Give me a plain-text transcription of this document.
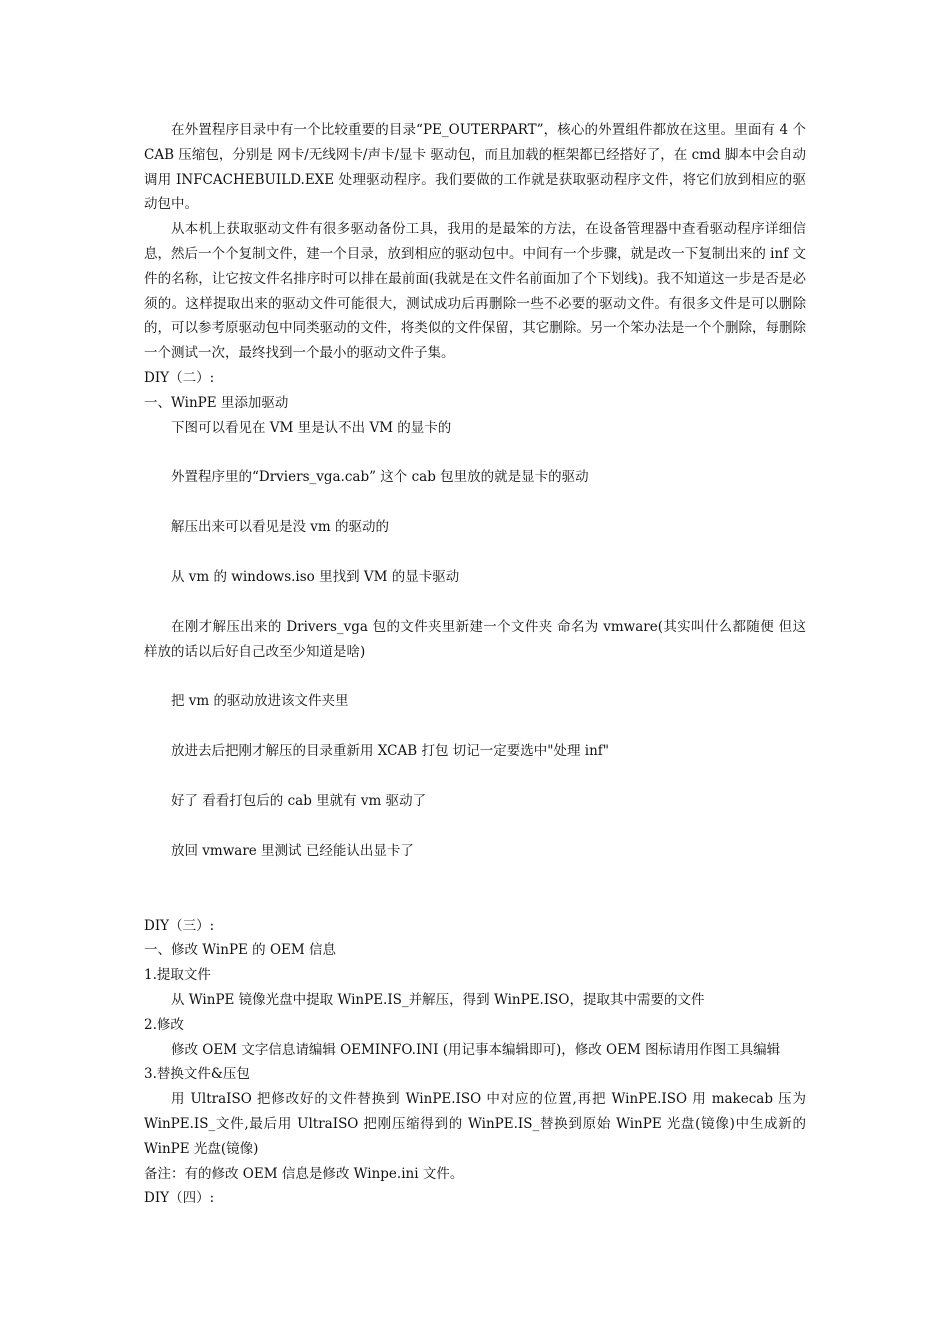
在外置程序目录中有一个比较重要的目录“PE_OUTERPART”，核心的外置组件都放在这里。里面有 4 个 CAB 压缩包，分别是 网卡/无线网卡/声卡/显卡 驱动包，而且加载的框架都已经搭好了，在 cmd 脚本中会自动调用 INFCACHEBUILD.EXE 处理驱动程序。我们要做的工作就是获取驱动程序文件，将它们放到相应的驱动包中。

从本机上获取驱动文件有很多驱动备份工具，我用的是最笨的方法，在设备管理器中查看驱动程序详细信息，然后一个个复制文件，建一个目录，放到相应的驱动包中。中间有一个步骤，就是改一下复制出来的 inf 文件的名称，让它按文件名排序时可以排在最前面(我就是在文件名前面加了个下划线)。我不知道这一步是否是必须的。这样提取出来的驱动文件可能很大，测试成功后再删除一些不必要的驱动文件。有很多文件是可以删除的，可以参考原驱动包中同类驱动的文件，将类似的文件保留，其它删除。另一个笨办法是一个个删除，每删除一个测试一次，最终找到一个最小的驱动文件子集。

DIY（二）:

一、WinPE 里添加驱动

下图可以看见在 VM 里是认不出 VM 的显卡的

外置程序里的“Drviers_vga.cab” 这个 cab 包里放的就是显卡的驱动

解压出来可以看见是没 vm 的驱动的

从 vm 的 windows.iso 里找到 VM 的显卡驱动

在刚才解压出来的 Drivers_vga 包的文件夹里新建一个文件夹 命名为 vmware(其实叫什么都随便 但这样放的话以后好自己改至少知道是啥)

把 vm 的驱动放进该文件夹里

放进去后把刚才解压的目录重新用 XCAB 打包 切记一定要选中"处理 inf"

好了 看看打包后的 cab 里就有 vm 驱动了

放回 vmware 里测试 已经能认出显卡了

DIY（三）:

一、修改 WinPE 的 OEM 信息

1.提取文件

从 WinPE 镜像光盘中提取 WinPE.IS_并解压，得到 WinPE.ISO，提取其中需要的文件

2.修改

修改 OEM 文字信息请编辑 OEMINFO.INI (用记事本编辑即可)，修改 OEM 图标请用作图工具编辑

3.替换文件&压包

用 UltraISO 把修改好的文件替换到 WinPE.ISO 中对应的位置,再把 WinPE.ISO 用 makecab 压为 WinPE.IS_文件,最后用 UltraISO 把刚压缩得到的 WinPE.IS_替换到原始 WinPE 光盘(镜像)中生成新的 WinPE 光盘(镜像)

备注：有的修改 OEM 信息是修改 Winpe.ini 文件。

DIY（四）:
